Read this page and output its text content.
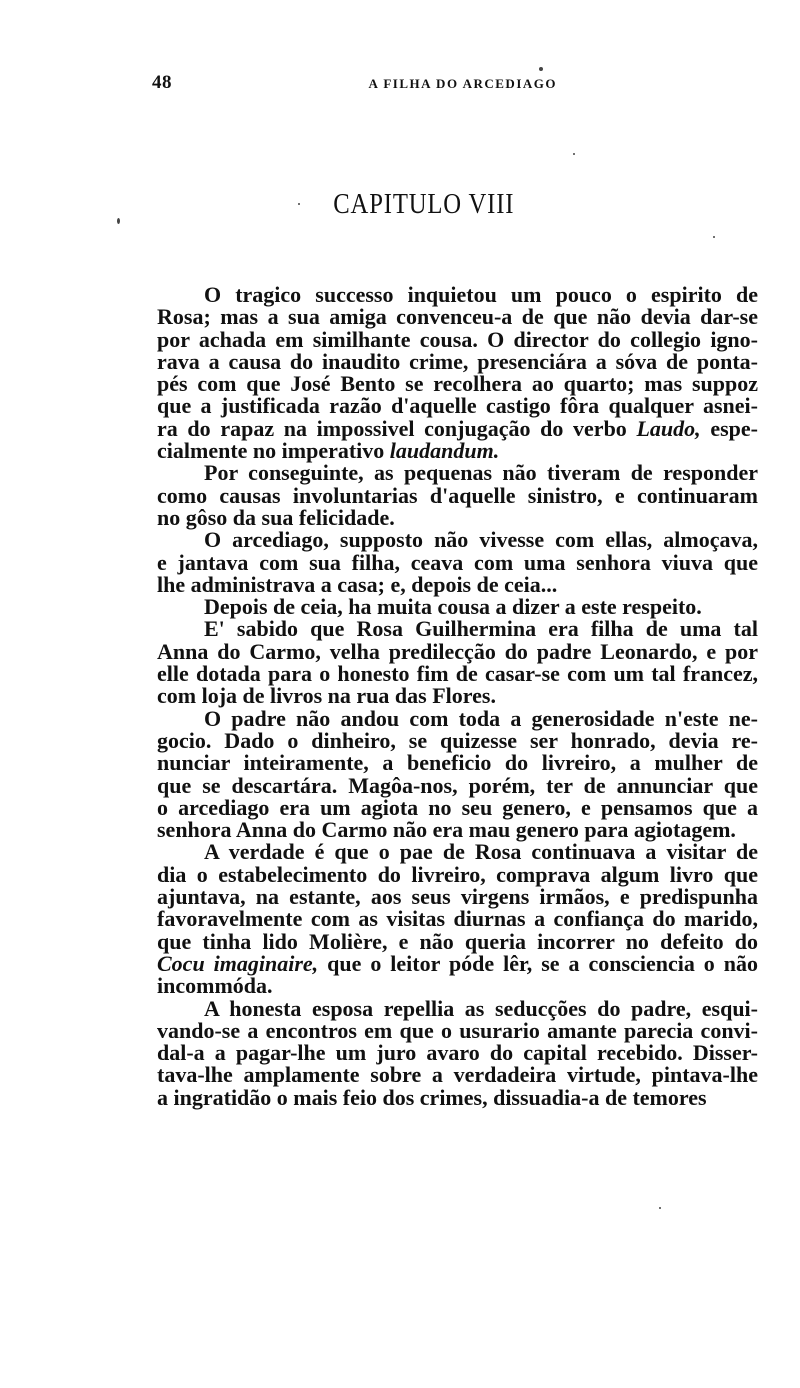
48	A FILHA DO ARCEDIAGO
CAPITULO VIII
O tragico successo inquietou um pouco o espirito de
Rosa; mas a sua amiga convenceu-a de que não devia dar-se
por achada em similhante cousa. O director do collegio igno-
rava a causa do inaudito crime, presenciára a sóva de ponta-
pés com que José Bento se recolhera ao quarto; mas suppoz
que a justificada razão d'aquelle castigo fôra qualquer asnei-
ra do rapaz na impossivel conjugação do verbo Laudo, espe-
cialmente no imperativo laudandum.
Por conseguinte, as pequenas não tiveram de responder
como causas involuntarias d'aquelle sinistro, e continuaram
no gôso da sua felicidade.
O arcediago, supposto não vivesse com ellas, almoçava,
e jantava com sua filha, ceava com uma senhora viuva que
lhe administrava a casa; e, depois de ceia...
Depois de ceia, ha muita cousa a dizer a este respeito.
E' sabido que Rosa Guilhermina era filha de uma tal
Anna do Carmo, velha predilecção do padre Leonardo, e por
elle dotada para o honesto fim de casar-se com um tal francez,
com loja de livros na rua das Flores.
O padre não andou com toda a generosidade n'este ne-
gocio. Dado o dinheiro, se quizesse ser honrado, devia re-
nunciar inteiramente, a beneficio do livreiro, a mulher de
que se descartára. Magôa-nos, porém, ter de annunciar que
o arcediago era um agiota no seu genero, e pensamos que a
senhora Anna do Carmo não era mau genero para agiotagem.
A verdade é que o pae de Rosa continuava a visitar de
dia o estabelecimento do livreiro, comprava algum livro que
ajuntava, na estante, aos seus virgens irmãos, e predispunha
favoravelmente com as visitas diurnas a confiança do marido,
que tinha lido Molière, e não queria incorrer no defeito do
Cocu imaginaire, que o leitor póde lêr, se a consciencia o não
incommóda.
A honesta esposa repellia as seducções do padre, esqui-
vando-se a encontros em que o usurario amante parecia convi-
dal-a a pagar-lhe um juro avaro do capital recebido. Disser-
tava-lhe amplamente sobre a verdadeira virtude, pintava-lhe
a ingratidão o mais feio dos crimes, dissuadia-a de temores
